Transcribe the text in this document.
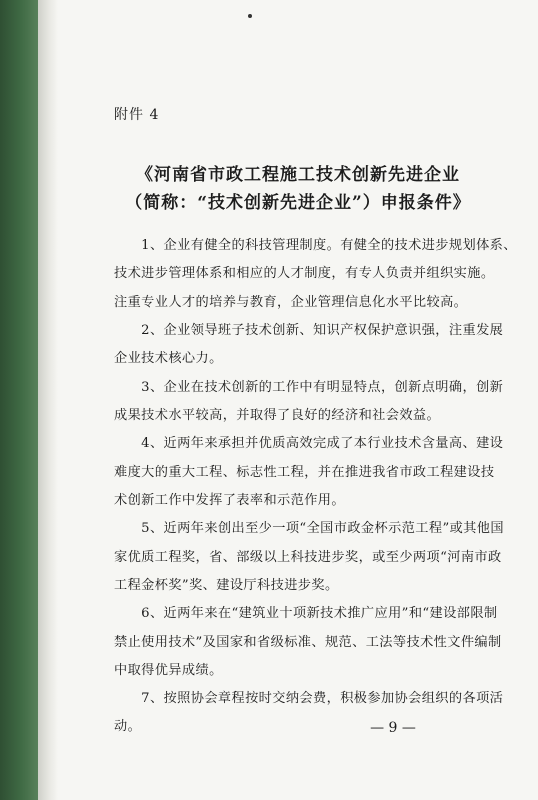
附件 4
《河南省市政工程施工技术创新先进企业
（简称：“技术创新先进企业”）申报条件》
　　1、企业有健全的科技管理制度。有健全的技术进步规划体系、
技术进步管理体系和相应的人才制度，有专人负责并组织实施。
注重专业人才的培养与教育，企业管理信息化水平比较高。
　　2、企业领导班子技术创新、知识产权保护意识强，注重发展
企业技术核心力。
　　3、企业在技术创新的工作中有明显特点，创新点明确，创新
成果技术水平较高，并取得了良好的经济和社会效益。
　　4、近两年来承担并优质高效完成了本行业技术含量高、建设
难度大的重大工程、标志性工程，并在推进我省市政工程建设技
术创新工作中发挥了表率和示范作用。
　　5、近两年来创出至少一项“全国市政金杯示范工程”或其他国
家优质工程奖，省、部级以上科技进步奖，或至少两项“河南市政
工程金杯奖”奖、建设厅科技进步奖。
　　6、近两年来在“建筑业十项新技术推广应用”和“建设部限制
禁止使用技术”及国家和省级标准、规范、工法等技术性文件编制
中取得优异成绩。
　　7、按照协会章程按时交纳会费，积极参加协会组织的各项活
动。	— 9 —
